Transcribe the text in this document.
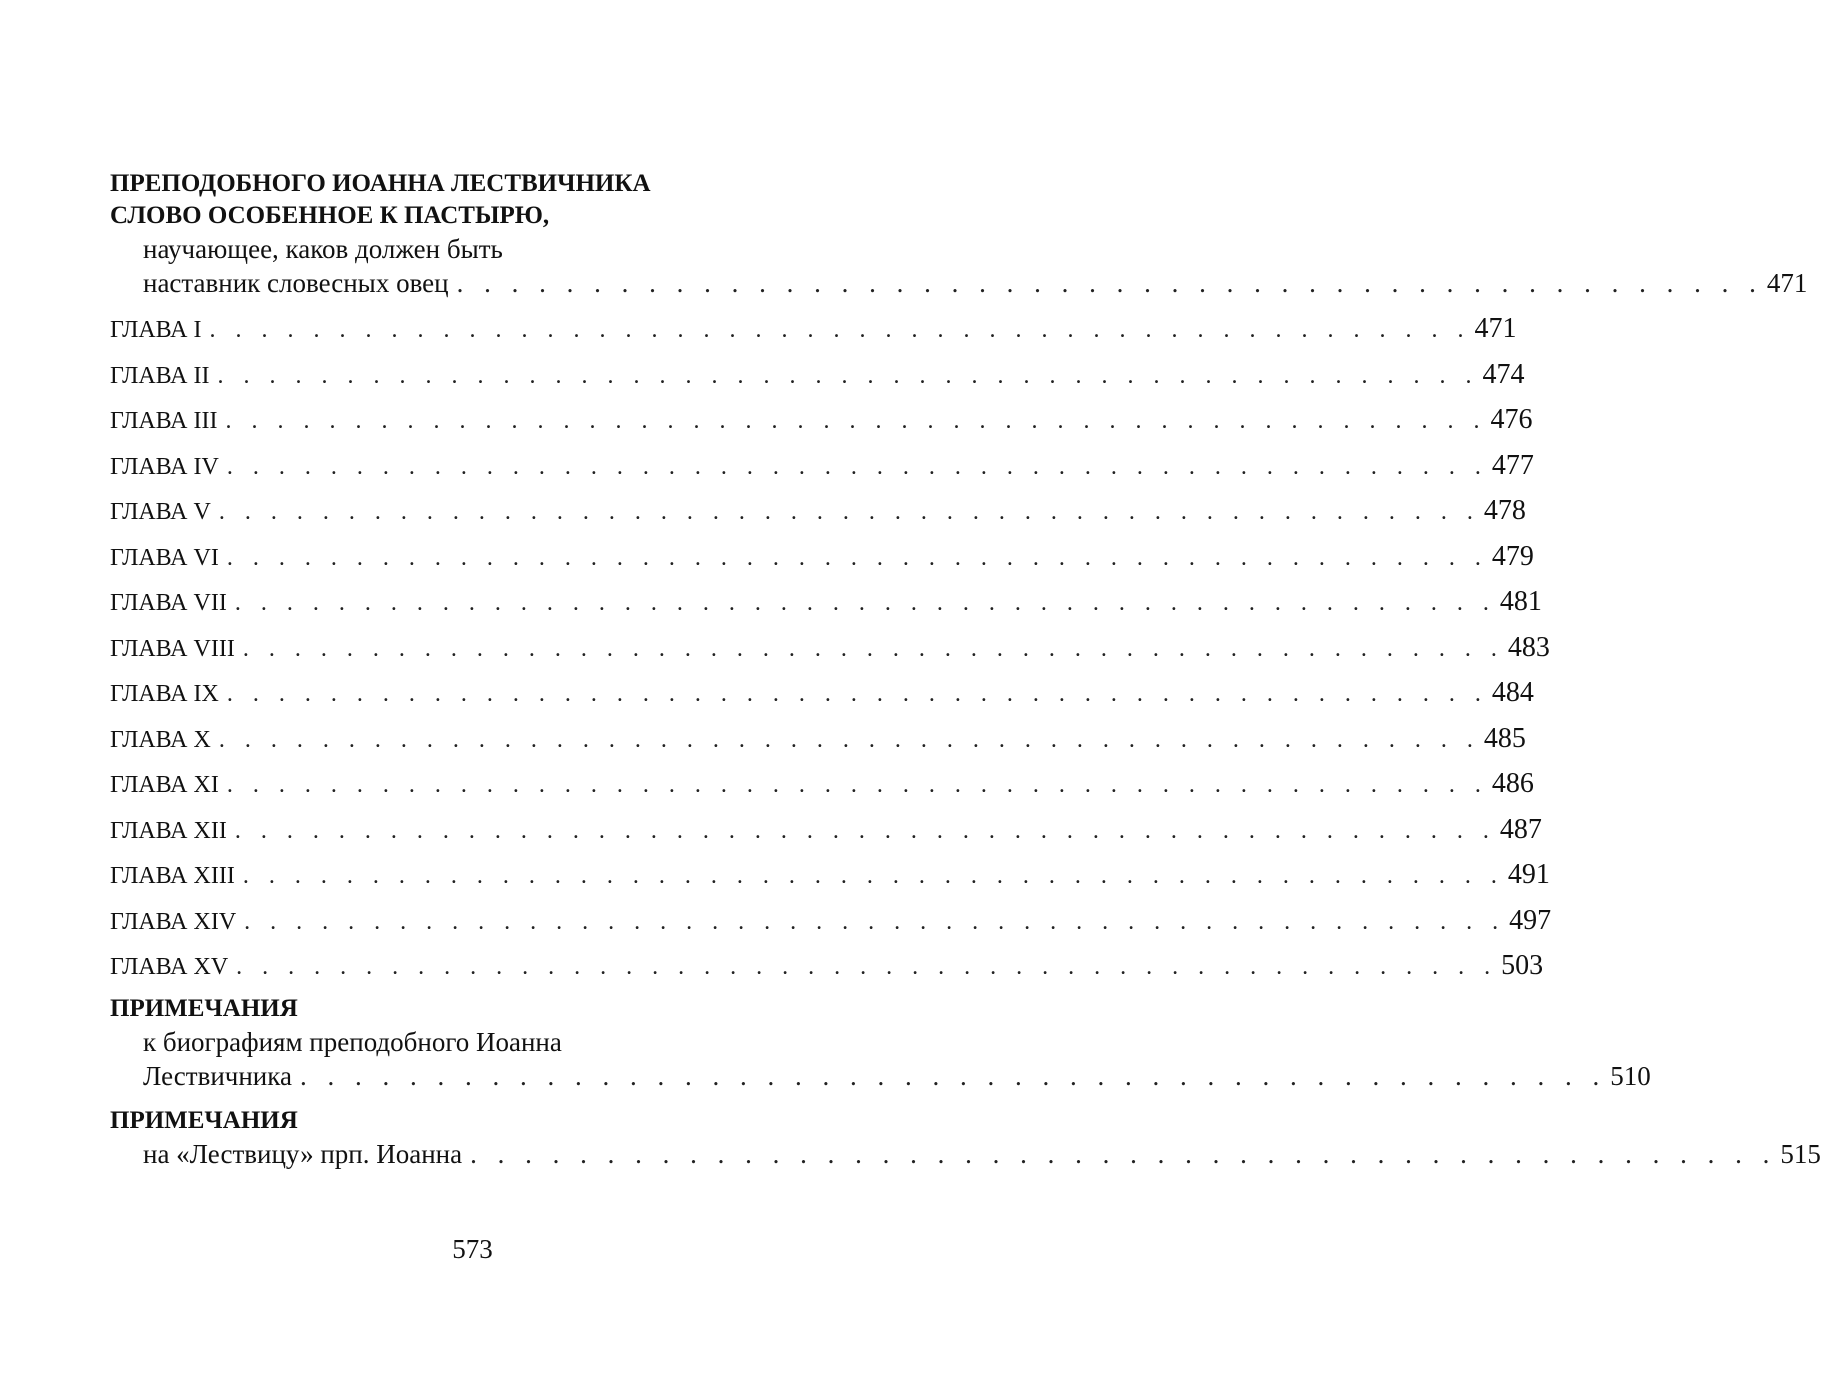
ПРЕПОДОБНОГО ИОАННА ЛЕСТВИЧНИКА
СЛОВО ОСОБЕННОЕ К ПАСТЫРЮ,
научающее, каков должен быть
наставник словесных овец . . . . . . . . . . . . . . . . . . . . . . . . . . . . . . . . . . . . . . . . . . . . . . . . 471
ГЛАВА I . . . . . . . . . . . . . . . . . . . . . . . . . . . . . . . . . . . . . . . . . . . . . . . . . 471
ГЛАВА II . . . . . . . . . . . . . . . . . . . . . . . . . . . . . . . . . . . . . . . . . . . . . . . . . 474
ГЛАВА III . . . . . . . . . . . . . . . . . . . . . . . . . . . . . . . . . . . . . . . . . . . . . . . . . 476
ГЛАВА IV . . . . . . . . . . . . . . . . . . . . . . . . . . . . . . . . . . . . . . . . . . . . . . . . . 477
ГЛАВА V . . . . . . . . . . . . . . . . . . . . . . . . . . . . . . . . . . . . . . . . . . . . . . . . . 478
ГЛАВА VI . . . . . . . . . . . . . . . . . . . . . . . . . . . . . . . . . . . . . . . . . . . . . . . . . 479
ГЛАВА VII . . . . . . . . . . . . . . . . . . . . . . . . . . . . . . . . . . . . . . . . . . . . . . . . . 481
ГЛАВА VIII . . . . . . . . . . . . . . . . . . . . . . . . . . . . . . . . . . . . . . . . . . . . . . . . . 483
ГЛАВА IX . . . . . . . . . . . . . . . . . . . . . . . . . . . . . . . . . . . . . . . . . . . . . . . . . 484
ГЛАВА X . . . . . . . . . . . . . . . . . . . . . . . . . . . . . . . . . . . . . . . . . . . . . . . . . 485
ГЛАВА XI . . . . . . . . . . . . . . . . . . . . . . . . . . . . . . . . . . . . . . . . . . . . . . . . . 486
ГЛАВА XII . . . . . . . . . . . . . . . . . . . . . . . . . . . . . . . . . . . . . . . . . . . . . . . . . 487
ГЛАВА XIII . . . . . . . . . . . . . . . . . . . . . . . . . . . . . . . . . . . . . . . . . . . . . . . . . 491
ГЛАВА XIV . . . . . . . . . . . . . . . . . . . . . . . . . . . . . . . . . . . . . . . . . . . . . . . . . 497
ГЛАВА XV . . . . . . . . . . . . . . . . . . . . . . . . . . . . . . . . . . . . . . . . . . . . . . . . . 503
ПРИМЕЧАНИЯ
к биографиям преподобного Иоанна
Лествичника . . . . . . . . . . . . . . . . . . . . . . . . . . . . . . . . . . . . . . . . . . . . . . . . 510
ПРИМЕЧАНИЯ
на «Лествицу» прп. Иоанна . . . . . . . . . . . . . . . . . . . . . . . . . . . . . . . . . . . . . . . . . . . . . . . . 515
573
